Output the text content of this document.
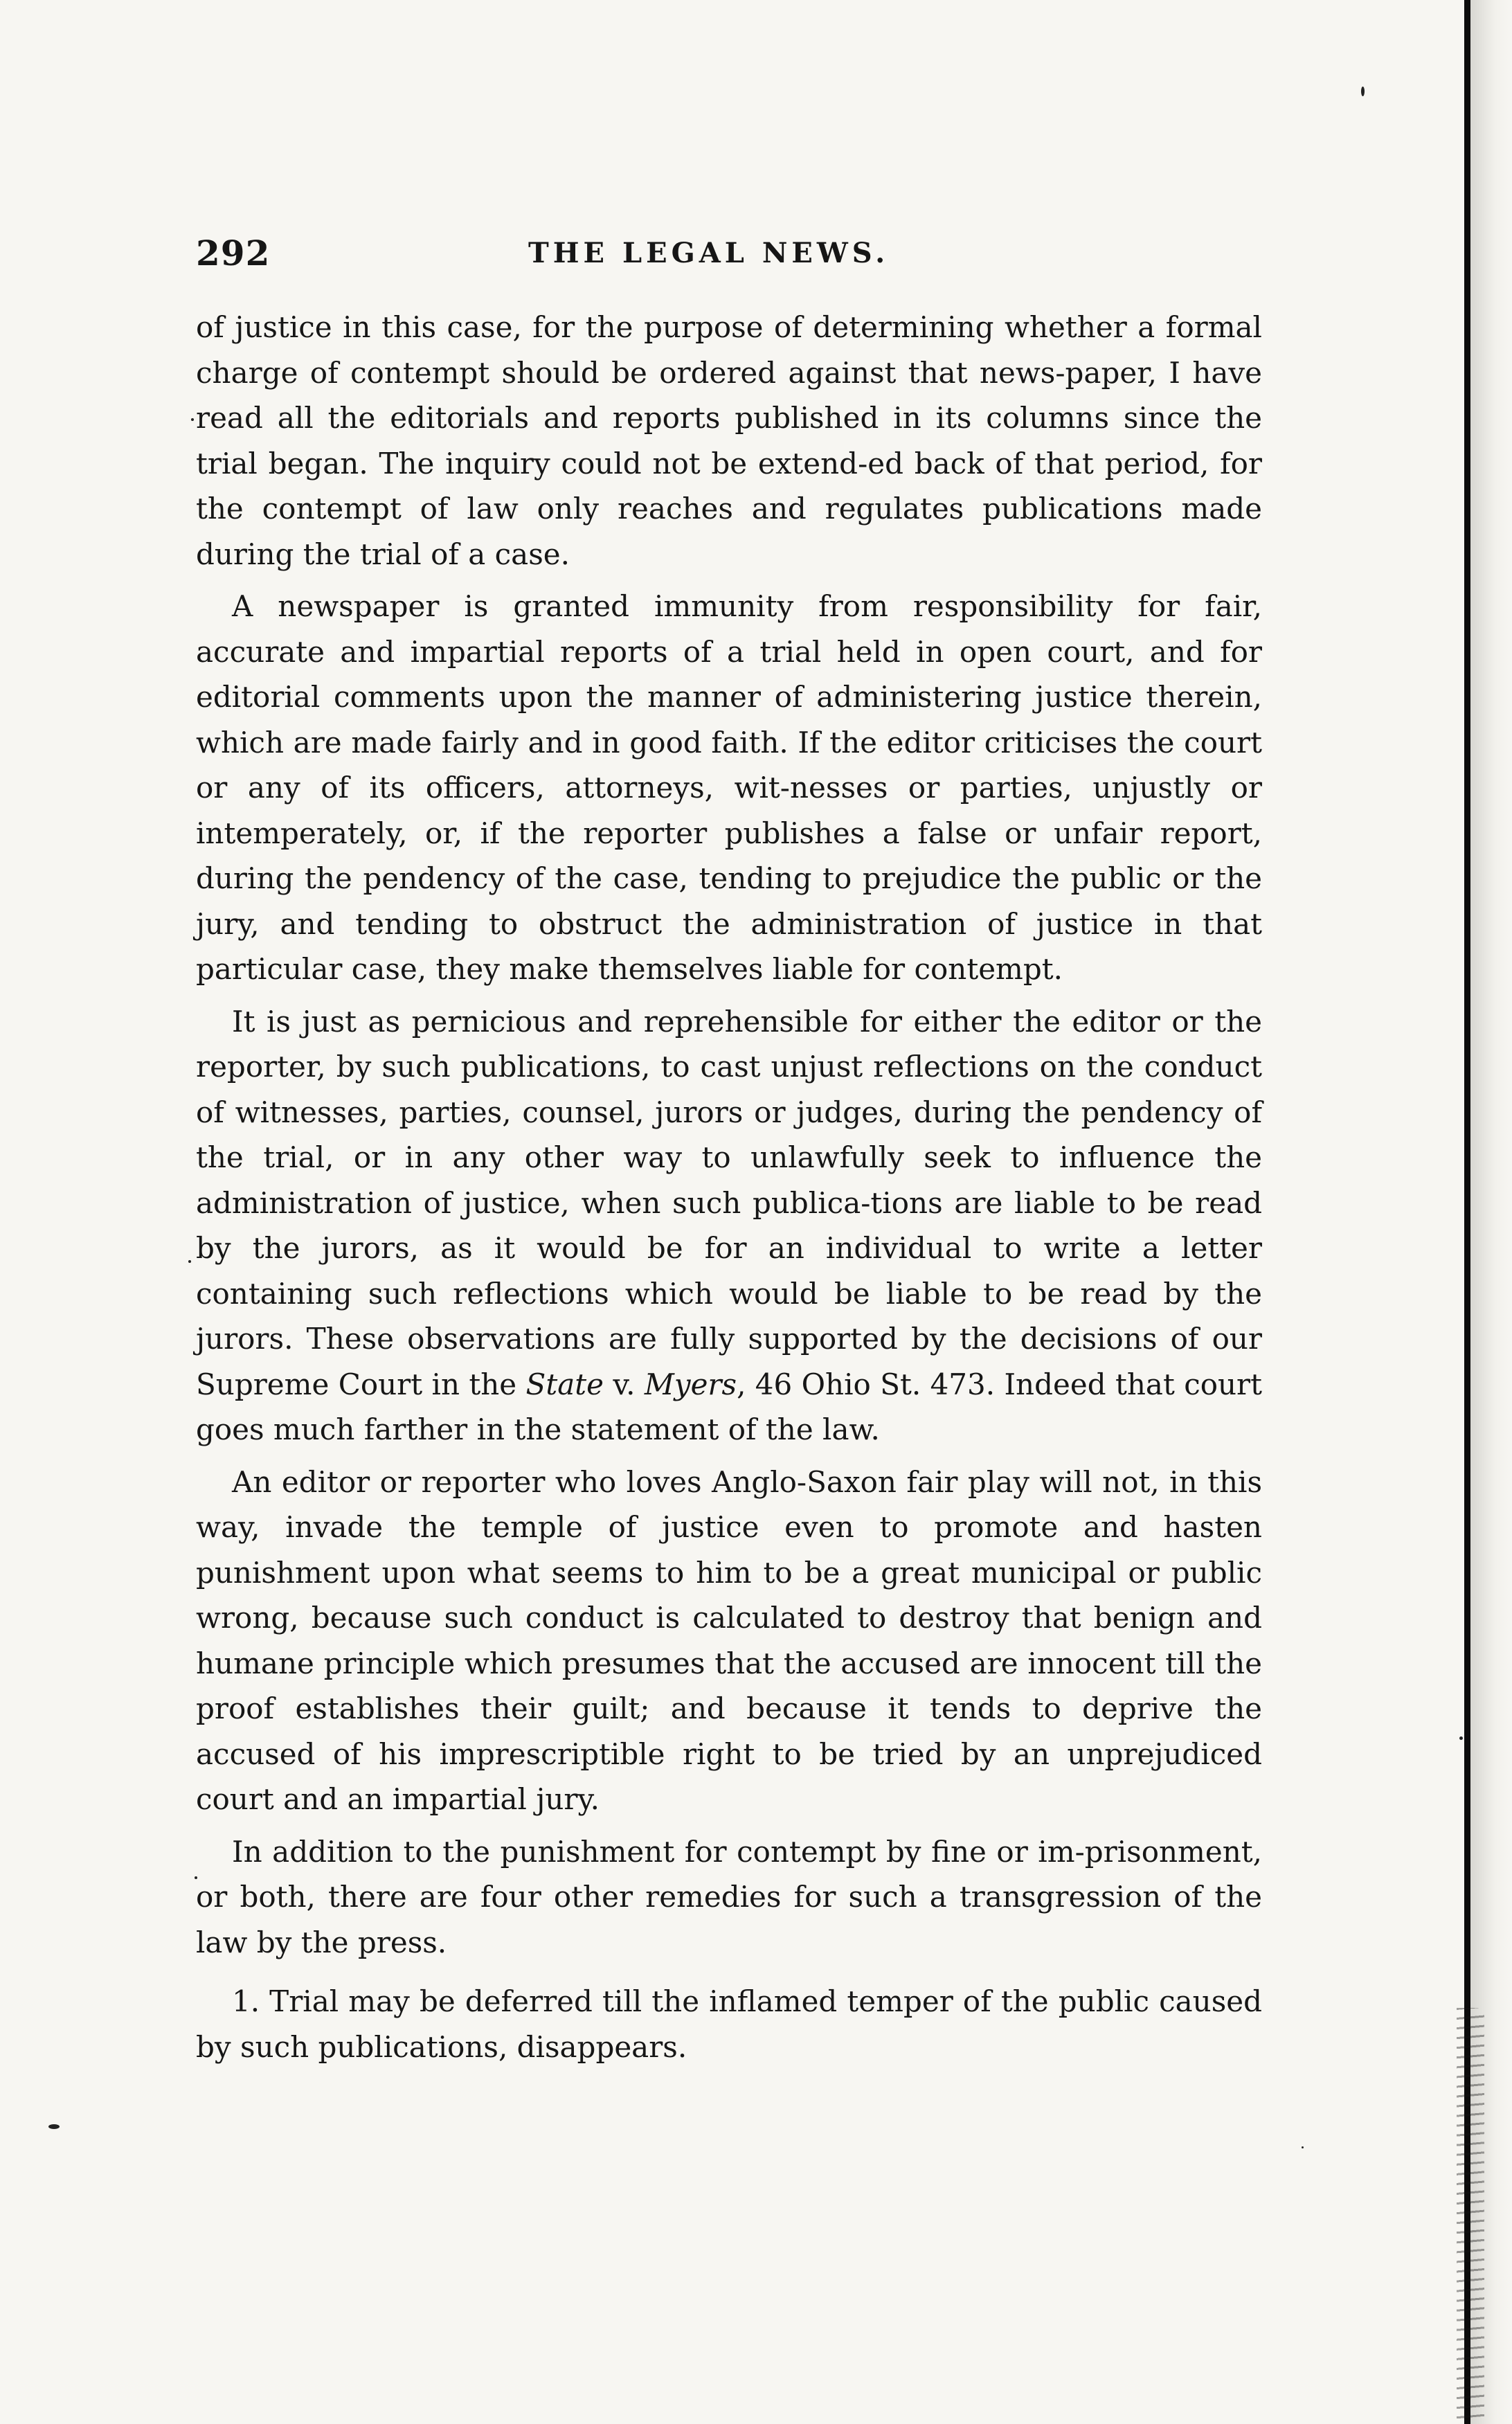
292	THE LEGAL NEWS.

of justice in this case, for the purpose of determining whether a formal charge of contempt should be ordered against that news-paper, I have read all the editorials and reports published in its columns since the trial began. The inquiry could not be extend-ed back of that period, for the contempt of law only reaches and regulates publications made during the trial of a case.

A newspaper is granted immunity from responsibility for fair, accurate and impartial reports of a trial held in open court, and for editorial comments upon the manner of administering justice therein, which are made fairly and in good faith. If the editor criticises the court or any of its officers, attorneys, wit-nesses or parties, unjustly or intemperately, or, if the reporter publishes a false or unfair report, during the pendency of the case, tending to prejudice the public or the jury, and tending to obstruct the administration of justice in that particular case, they make themselves liable for contempt.

It is just as pernicious and reprehensible for either the editor or the reporter, by such publications, to cast unjust reflections on the conduct of witnesses, parties, counsel, jurors or judges, during the pendency of the trial, or in any other way to unlawfully seek to influence the administration of justice, when such publica-tions are liable to be read by the jurors, as it would be for an individual to write a letter containing such reflections which would be liable to be read by the jurors. These observations are fully supported by the decisions of our Supreme Court in the State v. Myers, 46 Ohio St. 473. Indeed that court goes much farther in the statement of the law.

An editor or reporter who loves Anglo-Saxon fair play will not, in this way, invade the temple of justice even to promote and hasten punishment upon what seems to him to be a great municipal or public wrong, because such conduct is calculated to destroy that benign and humane principle which presumes that the accused are innocent till the proof establishes their guilt; and because it tends to deprive the accused of his imprescriptible right to be tried by an unprejudiced court and an impartial jury.

In addition to the punishment for contempt by fine or im-prisonment, or both, there are four other remedies for such a transgression of the law by the press.

1. Trial may be deferred till the inflamed temper of the public caused by such publications, disappears.
